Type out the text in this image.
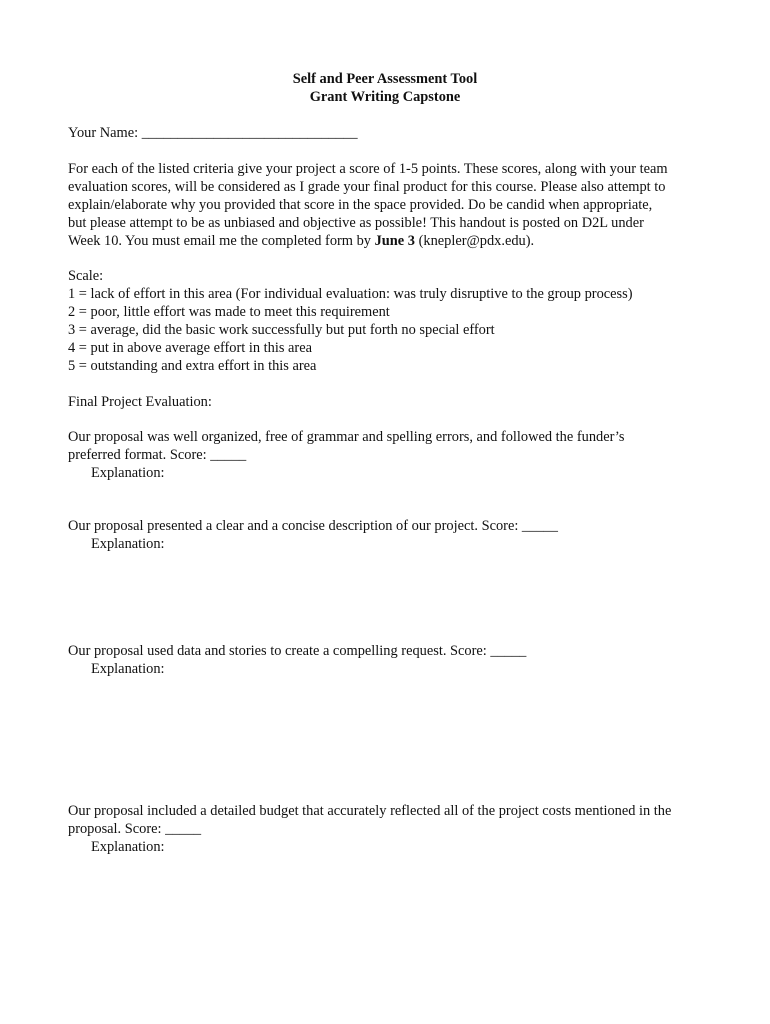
Self and Peer Assessment Tool
Grant Writing Capstone
Your Name: ______________________________
For each of the listed criteria give your project a score of 1-5 points. These scores, along with your team
evaluation scores, will be considered as I grade your final product for this course. Please also attempt to
explain/elaborate why you provided that score in the space provided. Do be candid when appropriate,
but please attempt to be as unbiased and objective as possible! This handout is posted on D2L under
Week 10. You must email me the completed form by June 3 (knepler@pdx.edu).
Scale:
1 = lack of effort in this area (For individual evaluation: was truly disruptive to the group process)
2 = poor, little effort was made to meet this requirement
3 = average, did the basic work successfully but put forth no special effort
4 = put in above average effort in this area
5 = outstanding and extra effort in this area
Final Project Evaluation:
Our proposal was well organized, free of grammar and spelling errors, and followed the funder’s
preferred format. Score: _____
Explanation:
Our proposal presented a clear and a concise description of our project. Score: _____
Explanation:
Our proposal used data and stories to create a compelling request. Score: _____
Explanation:
Our proposal included a detailed budget that accurately reflected all of the project costs mentioned in the
proposal. Score: _____
Explanation:
